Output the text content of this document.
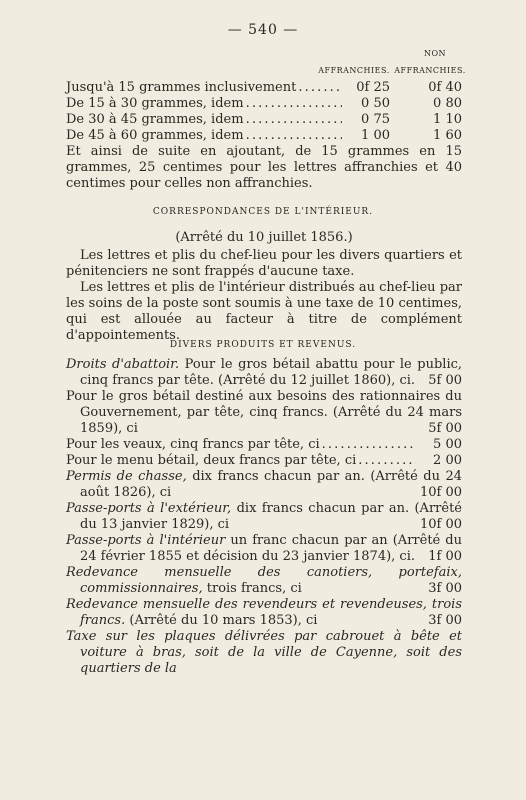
— 540 —
NON
AFFRANCHIES. AFFRANCHIES.
Jusqu'à 15 grammes inclusivement . . .	0f 25	0f 40
De 15 à 30 grammes, idem . . .	0 50	0 80
De 30 à 45 grammes, idem . . .	0 75	1 10
De 45 à 60 grammes, idem . . .	1 00	1 60
Et ainsi de suite en ajoutant, de 15 grammes en 15 grammes, 25 centimes pour les lettres affranchies et 40 centimes pour celles non affranchies.
CORRESPONDANCES DE L'INTÉRIEUR.
(Arrêté du 10 juillet 1856.)
Les lettres et plis du chef-lieu pour les divers quartiers et pénitenciers ne sont frappés d'aucune taxe.
Les lettres et plis de l'intérieur distribués au chef-lieu par les soins de la poste sont soumis à une taxe de 10 centimes, qui est allouée au facteur à titre de complément d'appointements.
DIVERS PRODUITS ET REVENUS.
Droits d'abattoir. Pour le gros bétail abattu pour le public, cinq francs par tête. (Arrêté du 12 juillet 1860), ci. 5f 00
Pour le gros bétail destiné aux besoins des rationnaires du Gouvernement, par tête, cinq francs. (Arrêté du 24 mars 1859), ci	5f 00
Pour les veaux, cinq francs par tête, ci . . .	5 00
Pour le menu bétail, deux francs par tête, ci . . .	2 00
Permis de chasse, dix francs chacun par an. (Arrêté du 24 août 1826), ci	10f 00
Passe-ports à l'extérieur, dix francs chacun par an. (Arrêté du 13 janvier 1829), ci	10f 00
Passe-ports à l'intérieur un franc chacun par an (Arrêté du 24 février 1855 et décision du 23 janvier 1874), ci. 1f 00
Redevance mensuelle des canotiers, portefaix, commissionnaires, trois francs, ci	3f 00
Redevance mensuelle des revendeurs et revendeuses, trois francs. (Arrêté du 10 mars 1853), ci	3f 00
Taxe sur les plaques délivrées par cabrouet à bête et voiture à bras, soit de la ville de Cayenne, soit des quartiers de la
